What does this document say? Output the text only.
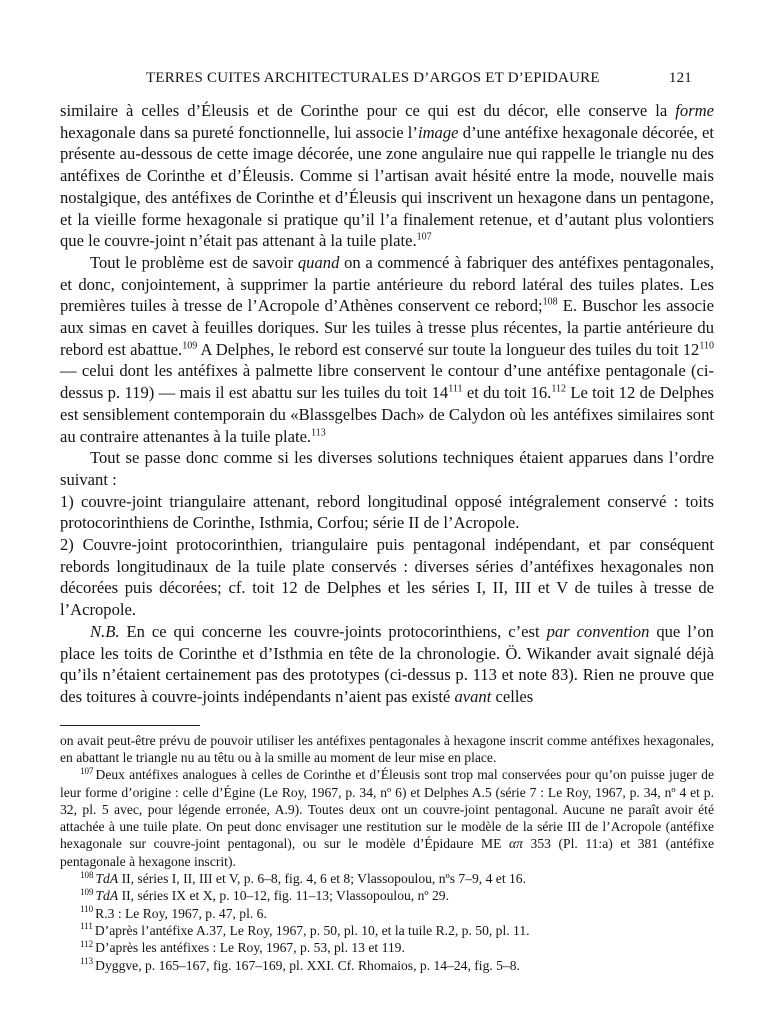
TERRES CUITES ARCHITECTURALES D’ARGOS ET D’EPIDAURE	121

similaire à celles d’Éleusis et de Corinthe pour ce qui est du décor, elle conserve la forme hexagonale dans sa pureté fonctionnelle, lui associe l’image d’une antéfixe hexagonale décorée, et présente au-dessous de cette image décorée, une zone angulaire nue qui rappelle le triangle nu des antéfixes de Corinthe et d’Éleusis. Comme si l’artisan avait hésité entre la mode, nouvelle mais nostalgique, des antéfixes de Corinthe et d’Éleusis qui inscrivent un hexagone dans un pentagone, et la vieille forme hexagonale si pratique qu’il l’a finalement retenue, et d’autant plus volontiers que le couvre-joint n’était pas attenant à la tuile plate.$^{107}$

Tout le problème est de savoir quand on a commencé à fabriquer des antéfixes pentagonales, et donc, conjointement, à supprimer la partie antérieure du rebord latéral des tuiles plates. Les premières tuiles à tresse de l’Acropole d’Athènes conservent ce rebord;$^{108}$ E. Buschor les associe aux simas en cavet à feuilles doriques. Sur les tuiles à tresse plus récentes, la partie antérieure du rebord est abattue.$^{109}$ A Delphes, le rebord est conservé sur toute la longueur des tuiles du toit $12^{110}$ — celui dont les antéfixes à palmette libre conservent le contour d’une antéfixe pentagonale (ci-dessus p. 119) — mais il est abattu sur les tuiles du toit $14^{111}$ et du toit 16.$^{112}$ Le toit 12 de Delphes est sensiblement contemporain du «Blassgelbes Dach» de Calydon où les antéfixes similaires sont au contraire attenantes à la tuile plate.$^{113}$

Tout se passe donc comme si les diverses solutions techniques étaient apparues dans l’ordre suivant :

1) couvre-joint triangulaire attenant, rebord longitudinal opposé intégralement conservé : toits protocorinthiens de Corinthe, Isthmia, Corfou; série II de l’Acropole.

2) Couvre-joint protocorinthien, triangulaire puis pentagonal indépendant, et par conséquent rebords longitudinaux de la tuile plate conservés : diverses séries d’antéfixes hexagonales non décorées puis décorées; cf. toit 12 de Delphes et les séries I, II, III et V de tuiles à tresse de l’Acropole.

N.B. En ce qui concerne les couvre-joints protocorinthiens, c’est par convention que l’on place les toits de Corinthe et d’Isthmia en tête de la chronologie. Ö. Wikander avait signalé déjà qu’ils n’étaient certainement pas des prototypes (ci-dessus p. 113 et note 83). Rien ne prouve que des toitures à couvre-joints indépendants n’aient pas existé avant celles

on avait peut-être prévu de pouvoir utiliser les antéfixes pentagonales à hexagone inscrit comme antéfixes hexagonales, en abattant le triangle nu au têtu ou à la smille au moment de leur mise en place.

$^{107}$ Deux antéfixes analogues à celles de Corinthe et d’Éleusis sont trop mal conservées pour qu’on puisse juger de leur forme d’origine : celle d’Égine (Le Roy, 1967, p. 34, nº 6) et Delphes A.5 (série 7 : Le Roy, 1967, p. 34, nº 4 et p. 32, pl. 5 avec, pour légende erronée, A.9). Toutes deux ont un couvre-joint pentagonal. Aucune ne paraît avoir été attachée à une tuile plate. On peut donc envisager une restitution sur le modèle de la série III de l’Acropole (antéfixe hexagonale sur couvre-joint pentagonal), ou sur le modèle d’Épidaure ME απ 353 (Pl. 11:a) et 381 (antéfixe pentagonale à hexagone inscrit).

$^{108}$ TdA II, séries I, II, III et V, p. 6–8, fig. 4, 6 et 8; Vlassopoulou, nºs 7–9, 4 et 16.

$^{109}$ TdA II, séries IX et X, p. 10–12, fig. 11–13; Vlassopoulou, nº 29.

$^{110}$ R.3 : Le Roy, 1967, p. 47, pl. 6.

$^{111}$ D’après l’antéfixe A.37, Le Roy, 1967, p. 50, pl. 10, et la tuile R.2, p. 50, pl. 11.

$^{112}$ D’après les antéfixes : Le Roy, 1967, p. 53, pl. 13 et 119.

$^{113}$ Dyggve, p. 165–167, fig. 167–169, pl. XXI. Cf. Rhomaios, p. 14–24, fig. 5–8.
